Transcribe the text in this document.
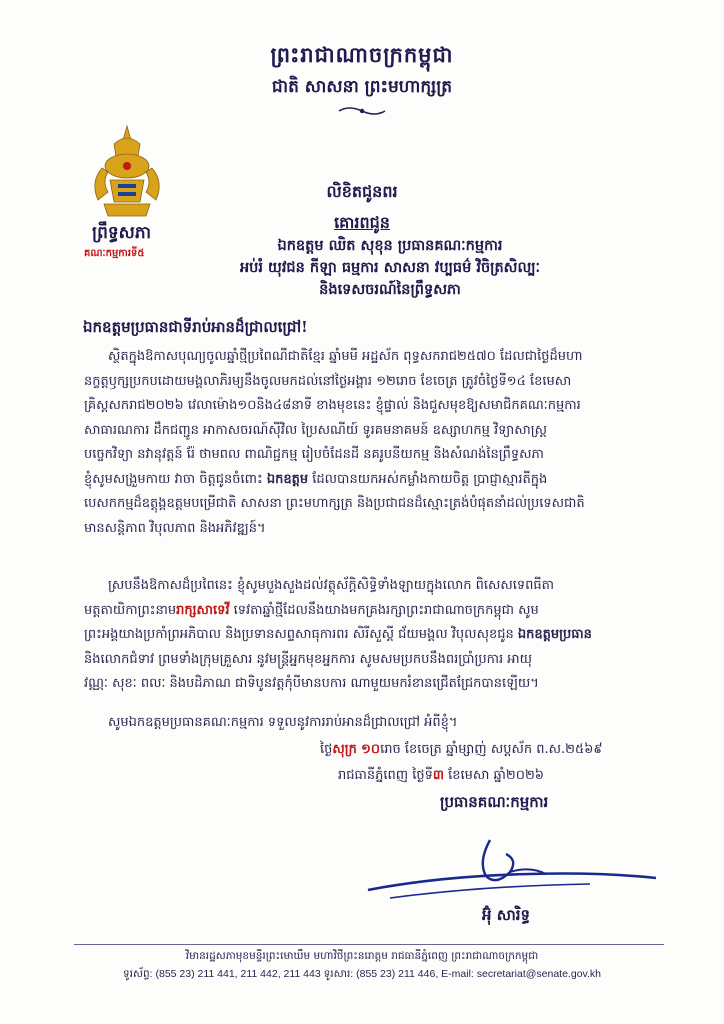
ព្រះរាជាណាចក្រកម្ពុជា
ជាតិ សាសនា ព្រះមហាក្សត្រ
ព្រឹទ្ធសភា
គណៈកម្មការទី៥
លិខិតជូនពរ
គោរពជូន
ឯកឧត្តម ឈិត សុខុន ប្រធានគណៈកម្មការ
អប់រំ យុវជន កីឡា ធម្មការ សាសនា វប្បធម៌ វិចិត្រសិល្បៈ
និងទេសចរណ៍នៃព្រឹទ្ធសភា
ឯកឧត្តមប្រធានជាទីរាប់អានដ៏ជ្រាលជ្រៅ!
ស្ថិតក្នុងឱកាសបុណ្យចូលឆ្នាំថ្មីប្រពៃណីជាតិខ្មែរ ឆ្នាំមមី អដ្ឋស័ក ពុទ្ធសករាជ២៥៧០ ដែលជាថ្ងៃដ៏មហា
នក្ខត្តឫក្សប្រកបដោយមង្គលាភិរម្យនឹងចូលមកដល់នៅថ្ងៃអង្គារ ១២រោច ខែចេត្រ ត្រូវចំថ្ងៃទី១៤ ខែមេសា
គ្រិស្តសករាជ២០២៦ វេលាម៉ោង១០និង៤៨នាទី ខាងមុខនេះ ខ្ញុំផ្ទាល់ និងជួសមុខឱ្យសមាជិកគណៈកម្មការ
សាធារណការ ដឹកជញ្ជូន អាកាសចរណ៍ស៊ីវិល ប្រៃសណីយ៍ ទូរគមនាគមន៍ ឧស្សាហកម្ម វិទ្យាសាស្ត្រ
បច្ចេកវិទ្យា នវានុវត្តន៍ រ៉ែ ថាមពល ពាណិជ្ជកម្ម រៀបចំដែនដី នគរូបនីយកម្ម និងសំណង់នៃព្រឹទ្ធសភា
ខ្ញុំសូមសង្រួមកាយ វាចា ចិត្តជូនចំពោះ ឯកឧត្តម ដែលបានយកអស់កម្លាំងកាយចិត្ត ប្រាជ្ញាស្មារតីក្នុង
បេសកកម្មដ៏ឧត្តុង្គឧត្តមបម្រើជាតិ សាសនា ព្រះមហាក្សត្រ និងប្រជាជនដ៏ស្មោះត្រង់បំផុតនាំដល់ប្រទេសជាតិ
មានសន្តិភាព វិបុលភាព និងអភិវឌ្ឍន៍។
ស្របនឹងឱកាសដ៏ប្រពៃនេះ ខ្ញុំសូមបួងសួងដល់វត្ថុស័ក្តិសិទ្ធិទាំងឡាយក្នុងលោក ពិសេសទេពធីតា
មត្តតាយិកាព្រះនាមរាក្សសាទេវី ទេវតាឆ្នាំថ្មីដែលនឹងយាងមកគ្រងរក្សាព្រះរាជាណាចក្រកម្ពុជា សូម
ព្រះអង្គយាងប្រកាំព្រអភិបាល និងប្រទានសព្ទសាធុការពរ សិរីសួស្តី ជ័យមង្គល វិបុលសុខជូន ឯកឧត្តមប្រធាន
និងលោកជំទាវ ព្រមទាំងក្រុមគ្រួសារ នូវមន្ត្រីអ្នកមុខអ្នកការ សូមសមប្រកបនឹងពរប្រាំប្រការ អាយុ
វណ្ណៈ សុខៈ ពលៈ និងបដិភាណ ជាទិបូនវត្តកុំបីមានបការ ណាមួយមករំខានជ្រើតជ្រែកបានឡើយ។
សូមឯកឧត្តមប្រធានគណៈកម្មការ ទទួលនូវការរាប់អានដ៏ជ្រាលជ្រៅ អំពីខ្ញុំ។
ថ្ងៃសុក្រ ១០រោច ខែចេត្រ ឆ្នាំម្សាញ់ សប្តស័ក ព.ស.២៥៦៩
រាជធានីភ្នំពេញ ថ្ងៃទី៣ ខែមេសា ឆ្នាំ២០២៦
ប្រធានគណៈកម្មការ
អ៊ុំ សារិទ្ធ
វិមានរដ្ឋសភាមុខមន្ទីរព្រះមោឃឹម មហាវិថីព្រះនរោត្តម រាជធានីភ្នំពេញ ព្រះរាជាណាចក្រកម្ពុជា
ទូរស័ព្ទ: (855 23) 211 441, 211 442, 211 443 ទូរសារ: (855 23) 211 446, E-mail: secretariat@senate.gov.kh
